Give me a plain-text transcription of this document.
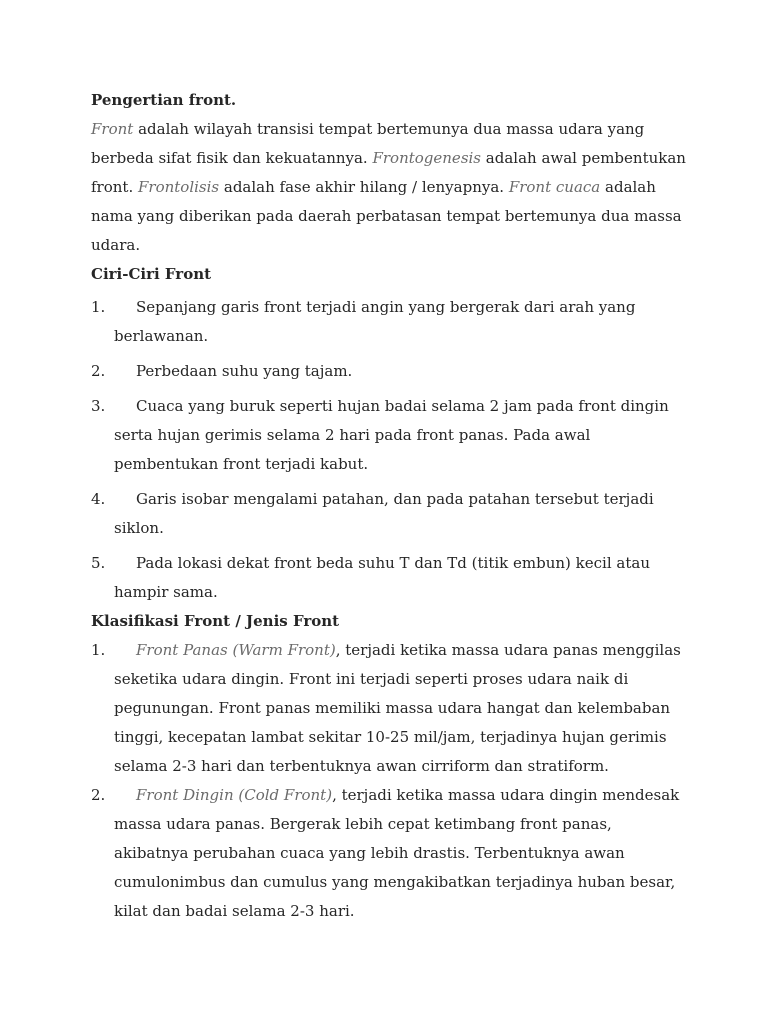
Pengertian front.

Front adalah wilayah transisi tempat bertemunya dua massa udara yang berbeda sifat fisik dan kekuatannya. Frontogenesis adalah awal pembentukan front. Frontolisis adalah fase akhir hilang / lenyapnya. Front cuaca adalah nama yang diberikan pada daerah perbatasan tempat bertemunya dua massa udara.

Ciri-Ciri Front

1. Sepanjang garis front terjadi angin yang bergerak dari arah yang berlawanan.

2. Perbedaan suhu yang tajam.

3. Cuaca yang buruk seperti hujan badai selama 2 jam pada front dingin serta hujan gerimis selama 2 hari pada front panas. Pada awal pembentukan front terjadi kabut.

4. Garis isobar mengalami patahan, dan pada patahan tersebut terjadi siklon.

5. Pada lokasi dekat front beda suhu T dan Td (titik embun) kecil atau hampir sama.

Klasifikasi Front / Jenis Front

1. Front Panas (Warm Front), terjadi ketika massa udara panas menggilas seketika udara dingin. Front ini terjadi seperti proses udara naik di pegunungan. Front panas memiliki massa udara hangat dan kelembaban tinggi, kecepatan lambat sekitar 10-25 mil/jam, terjadinya hujan gerimis selama 2-3 hari dan terbentuknya awan cirriform dan stratiform.

2. Front Dingin (Cold Front), terjadi ketika massa udara dingin mendesak massa udara panas. Bergerak lebih cepat ketimbang front panas, akibatnya perubahan cuaca yang lebih drastis. Terbentuknya awan cumulonimbus dan cumulus yang mengakibatkan terjadinya huban besar, kilat dan badai selama 2-3 hari.
